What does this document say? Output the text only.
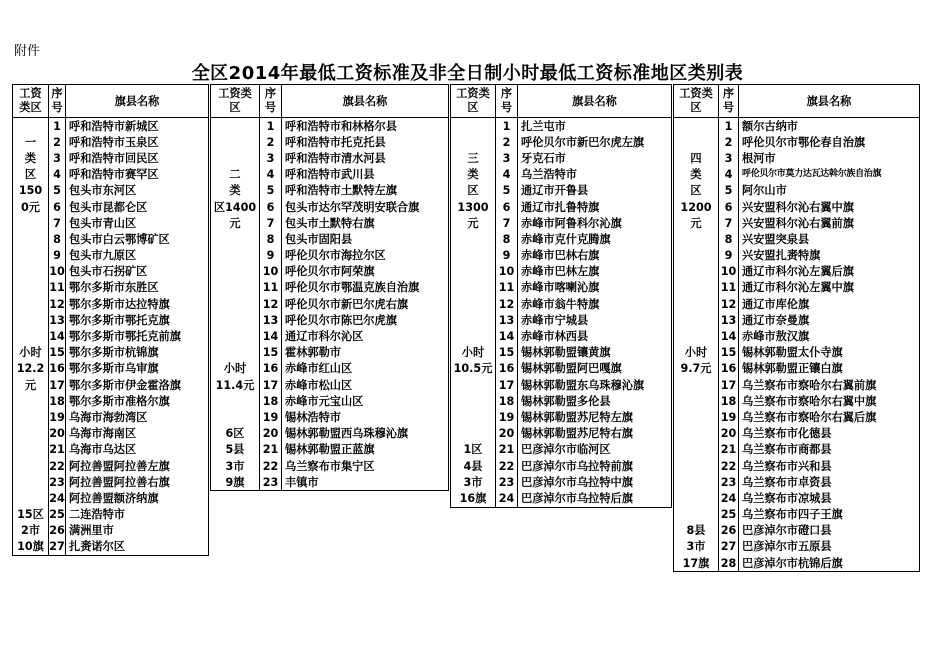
附件
全区2014年最低工资标准及非全日制小时最低工资标准地区类别表
工资
类区	序
号	旗县名称
	1	呼和浩特市新城区
一	2	呼和浩特市玉泉区
类	3	呼和浩特市回民区
区	4	呼和浩特市赛罕区
150	5	包头市东河区
0元	6	包头市昆都仑区
	7	包头市青山区
	8	包头市白云鄂博矿区
	9	包头市九原区
	10	包头市石拐矿区
	11	鄂尔多斯市东胜区
	12	鄂尔多斯市达拉特旗
	13	鄂尔多斯市鄂托克旗
	14	鄂尔多斯市鄂托克前旗
小时	15	鄂尔多斯市杭锦旗
12.2	16	鄂尔多斯市乌审旗
元	17	鄂尔多斯市伊金霍洛旗
	18	鄂尔多斯市准格尔旗
	19	乌海市海勃湾区
	20	乌海市海南区
	21	乌海市乌达区
	22	阿拉善盟阿拉善左旗
	23	阿拉善盟阿拉善右旗
	24	阿拉善盟额济纳旗
15区	25	二连浩特市
2市	26	满洲里市
10旗	27	扎赉诺尔区
工资类
区	序
号	旗县名称
	1	呼和浩特市和林格尔县
	2	呼和浩特市托克托县
	3	呼和浩特市清水河县
二	4	呼和浩特市武川县
类	5	呼和浩特市土默特左旗
区1400	6	包头市达尔罕茂明安联合旗
元	7	包头市土默特右旗
	8	包头市固阳县
	9	呼伦贝尔市海拉尔区
	10	呼伦贝尔市阿荣旗
	11	呼伦贝尔市鄂温克族自治旗
	12	呼伦贝尔市新巴尔虎右旗
	13	呼伦贝尔市陈巴尔虎旗
	14	通辽市科尔沁区
	15	霍林郭勒市
小时	16	赤峰市红山区
11.4元	17	赤峰市松山区
	18	赤峰市元宝山区
	19	锡林浩特市
6区	20	锡林郭勒盟西乌珠穆沁旗
5县	21	锡林郭勒盟正蓝旗
3市	22	乌兰察布市集宁区
9旗	23	丰镇市
工资类
区	序
号	旗县名称
	1	扎兰屯市
	2	呼伦贝尔市新巴尔虎左旗
三	3	牙克石市
类	4	乌兰浩特市
区	5	通辽市开鲁县
1300	6	通辽市扎鲁特旗
元	7	赤峰市阿鲁科尔沁旗
	8	赤峰市克什克腾旗
	9	赤峰市巴林右旗
	10	赤峰市巴林左旗
	11	赤峰市喀喇沁旗
	12	赤峰市翁牛特旗
	13	赤峰市宁城县
	14	赤峰市林西县
小时	15	锡林郭勒盟镶黄旗
10.5元	16	锡林郭勒盟阿巴嘎旗
	17	锡林郭勒盟东乌珠穆沁旗
	18	锡林郭勒盟多伦县
	19	锡林郭勒盟苏尼特左旗
	20	锡林郭勒盟苏尼特右旗
1区	21	巴彦淖尔市临河区
4县	22	巴彦淖尔市乌拉特前旗
3市	23	巴彦淖尔市乌拉特中旗
16旗	24	巴彦淖尔市乌拉特后旗
工资类
区	序
号	旗县名称
	1	额尔古纳市
	2	呼伦贝尔市鄂伦春自治旗
四	3	根河市
类	4	呼伦贝尔市莫力达瓦达斡尔族自治旗
区	5	阿尔山市
1200	6	兴安盟科尔沁右翼中旗
元	7	兴安盟科尔沁右翼前旗
	8	兴安盟突泉县
	9	兴安盟扎赉特旗
	10	通辽市科尔沁左翼后旗
	11	通辽市科尔沁左翼中旗
	12	通辽市库伦旗
	13	通辽市奈曼旗
	14	赤峰市敖汉旗
小时	15	锡林郭勒盟太仆寺旗
9.7元	16	锡林郭勒盟正镶白旗
	17	乌兰察布市察哈尔右翼前旗
	18	乌兰察布市察哈尔右翼中旗
	19	乌兰察布市察哈尔右翼后旗
	20	乌兰察布市化德县
	21	乌兰察布市商都县
	22	乌兰察布市兴和县
	23	乌兰察布市卓资县
	24	乌兰察布市凉城县
	25	乌兰察布市四子王旗
8县	26	巴彦淖尔市磴口县
3市	27	巴彦淖尔市五原县
17旗	28	巴彦淖尔市杭锦后旗
